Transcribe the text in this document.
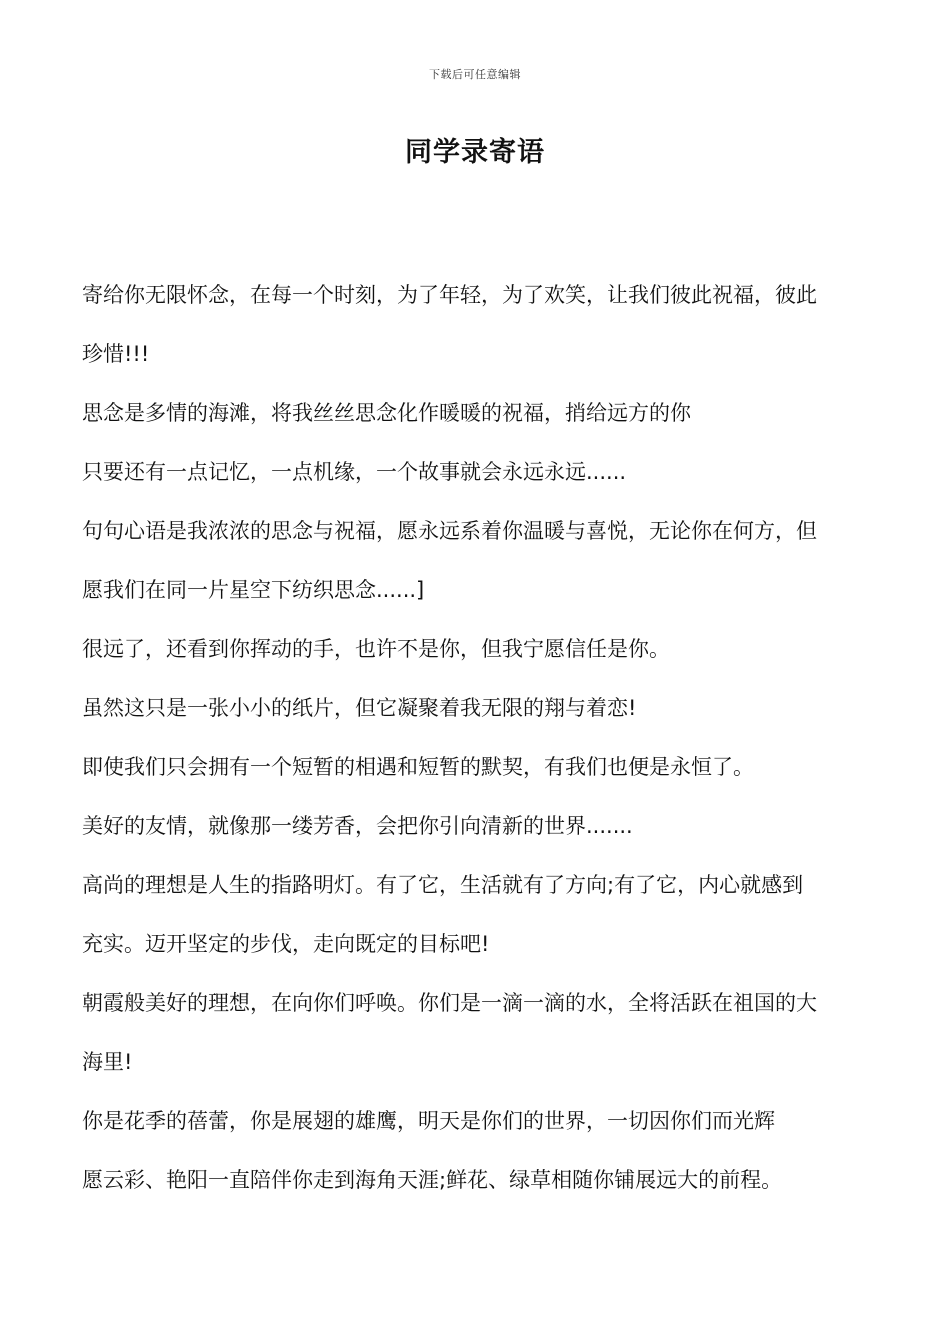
下载后可任意编辑
同学录寄语
寄给你无限怀念，在每一个时刻，为了年轻，为了欢笑，让我们彼此祝福，彼此
珍惜!!!
思念是多情的海滩，将我丝丝思念化作暖暖的祝福，捎给远方的你
只要还有一点记忆，一点机缘，一个故事就会永远永远......
句句心语是我浓浓的思念与祝福，愿永远系着你温暖与喜悦，无论你在何方，但
愿我们在同一片星空下纺织思念......]
很远了，还看到你挥动的手，也许不是你，但我宁愿信任是你。
虽然这只是一张小小的纸片，但它凝聚着我无限的翔与着恋!
即使我们只会拥有一个短暂的相遇和短暂的默契，有我们也便是永恒了。
美好的友情，就像那一缕芳香，会把你引向清新的世界.......
高尚的理想是人生的指路明灯。有了它，生活就有了方向;有了它，内心就感到
充实。迈开坚定的步伐，走向既定的目标吧!
朝霞般美好的理想，在向你们呼唤。你们是一滴一滴的水，全将活跃在祖国的大
海里!
你是花季的蓓蕾，你是展翅的雄鹰，明天是你们的世界，一切因你们而光辉
愿云彩、艳阳一直陪伴你走到海角天涯;鲜花、绿草相随你铺展远大的前程。
